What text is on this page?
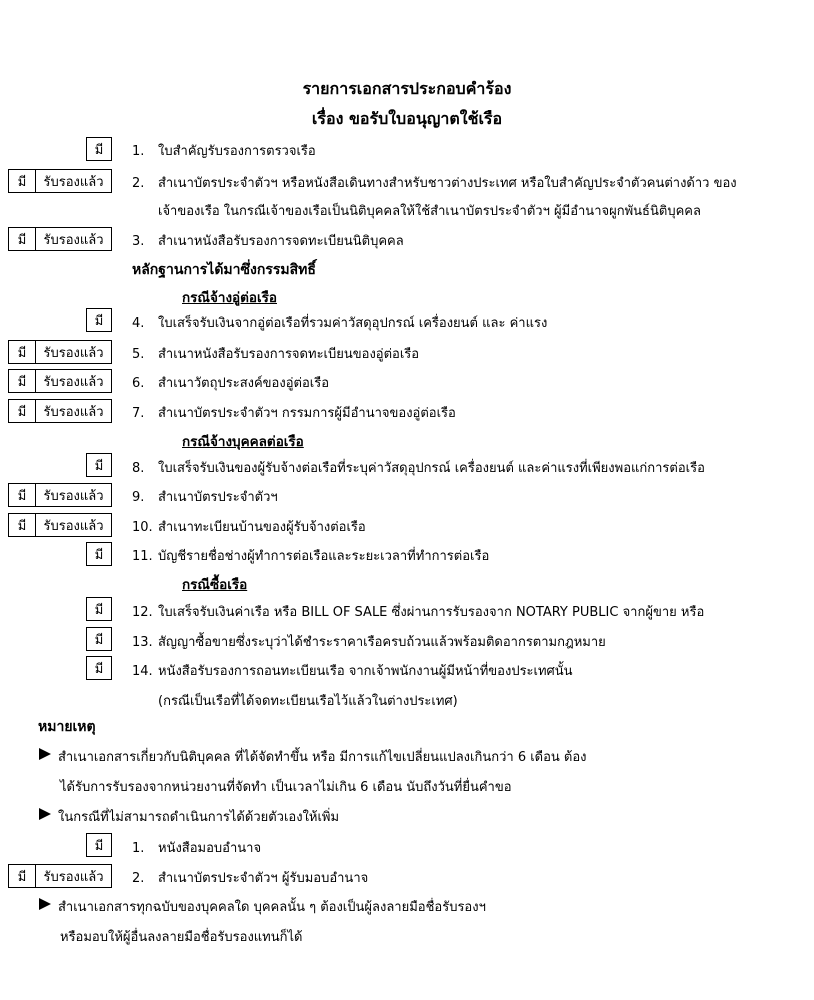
รายการเอกสารประกอบคำร้อง
เรื่อง ขอรับใบอนุญาตใช้เรือ
มี	1. ใบสำคัญรับรองการตรวจเรือ
มี	รับรองแล้ว	2. สำเนาบัตรประจำตัวฯ หรือหนังสือเดินทางสำหรับชาวต่างประเทศ หรือใบสำคัญประจำตัวคนต่างด้าว ของ
เจ้าของเรือ ในกรณีเจ้าของเรือเป็นนิติบุคคลให้ใช้สำเนาบัตรประจำตัวฯ ผู้มีอำนาจผูกพันธ์นิติบุคคล
มี	รับรองแล้ว	3. สำเนาหนังสือรับรองการจดทะเบียนนิติบุคคล
หลักฐานการได้มาซึ่งกรรมสิทธิ์
กรณีจ้างอู่ต่อเรือ
มี	4. ใบเสร็จรับเงินจากอู่ต่อเรือที่รวมค่าวัสดุอุปกรณ์ เครื่องยนต์ และ ค่าแรง
มี	รับรองแล้ว	5. สำเนาหนังสือรับรองการจดทะเบียนของอู่ต่อเรือ
มี	รับรองแล้ว	6. สำเนาวัตถุประสงค์ของอู่ต่อเรือ
มี	รับรองแล้ว	7. สำเนาบัตรประจำตัวฯ กรรมการผู้มีอำนาจของอู่ต่อเรือ
กรณีจ้างบุคคลต่อเรือ
มี	8. ใบเสร็จรับเงินของผู้รับจ้างต่อเรือที่ระบุค่าวัสดุอุปกรณ์ เครื่องยนต์ และค่าแรงที่เพียงพอแก่การต่อเรือ
มี	รับรองแล้ว	9. สำเนาบัตรประจำตัวฯ
มี	รับรองแล้ว	10. สำเนาทะเบียนบ้านของผู้รับจ้างต่อเรือ
มี	11. บัญชีรายชื่อช่างผู้ทำการต่อเรือและระยะเวลาที่ทำการต่อเรือ
กรณีซื้อเรือ
มี	12. ใบเสร็จรับเงินค่าเรือ หรือ BILL OF SALE ซึ่งผ่านการรับรองจาก NOTARY PUBLIC จากผู้ขาย หรือ
มี	13. สัญญาซื้อขายซึ่งระบุว่าได้ชำระราคาเรือครบถ้วนแล้วพร้อมติดอากรตามกฎหมาย
มี	14. หนังสือรับรองการถอนทะเบียนเรือ จากเจ้าพนักงานผู้มีหน้าที่ของประเทศนั้น
(กรณีเป็นเรือที่ได้จดทะเบียนเรือไว้แล้วในต่างประเทศ)
หมายเหตุ
สำเนาเอกสารเกี่ยวกับนิติบุคคล ที่ได้จัดทำขึ้น หรือ มีการแก้ไขเปลี่ยนแปลงเกินกว่า 6 เดือน ต้อง
ได้รับการรับรองจากหน่วยงานที่จัดทำ เป็นเวลาไม่เกิน 6 เดือน นับถึงวันที่ยื่นคำขอ
ในกรณีที่ไม่สามารถดำเนินการได้ด้วยตัวเองให้เพิ่ม
มี	1. หนังสือมอบอำนาจ
มี	รับรองแล้ว	2. สำเนาบัตรประจำตัวฯ ผู้รับมอบอำนาจ
สำเนาเอกสารทุกฉบับของบุคคลใด บุคคลนั้น ๆ ต้องเป็นผู้ลงลายมือชื่อรับรองฯ
หรือมอบให้ผู้อื่นลงลายมือชื่อรับรองแทนก็ได้
